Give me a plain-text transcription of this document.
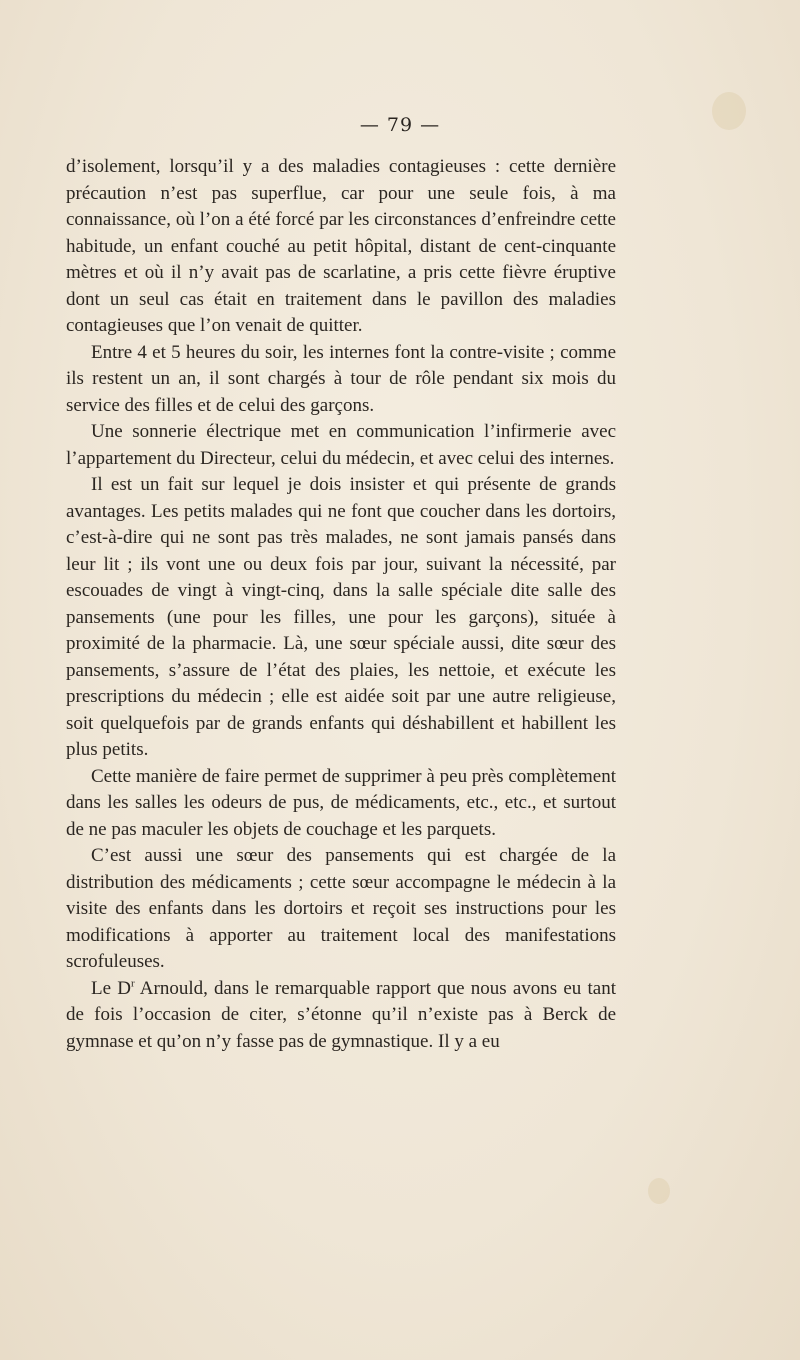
— 79 —

d’isolement, lorsqu’il y a des maladies contagieuses : cette dernière précaution n’est pas superflue, car pour une seule fois, à ma connaissance, où l’on a été forcé par les circonstances d’enfreindre cette habitude, un enfant couché au petit hôpital, distant de cent-cinquante mètres et où il n’y avait pas de scarlatine, a pris cette fièvre éruptive dont un seul cas était en traitement dans le pavillon des maladies contagieuses que l’on venait de quitter.

Entre 4 et 5 heures du soir, les internes font la contre-visite ; comme ils restent un an, il sont chargés à tour de rôle pendant six mois du service des filles et de celui des garçons.

Une sonnerie électrique met en communication l’infirmerie avec l’appartement du Directeur, celui du médecin, et avec celui des internes.

Il est un fait sur lequel je dois insister et qui présente de grands avantages. Les petits malades qui ne font que coucher dans les dortoirs, c’est-à-dire qui ne sont pas très malades, ne sont jamais pansés dans leur lit ; ils vont une ou deux fois par jour, suivant la nécessité, par escouades de vingt à vingt-cinq, dans la salle spéciale dite salle des pansements (une pour les filles, une pour les garçons), située à proximité de la pharmacie. Là, une sœur spéciale aussi, dite sœur des pansements, s’assure de l’état des plaies, les nettoie, et exécute les prescriptions du médecin ; elle est aidée soit par une autre religieuse, soit quelquefois par de grands enfants qui déshabillent et habillent les plus petits.

Cette manière de faire permet de supprimer à peu près complètement dans les salles les odeurs de pus, de médicaments, etc., etc., et surtout de ne pas maculer les objets de couchage et les parquets.

C’est aussi une sœur des pansements qui est chargée de la distribution des médicaments ; cette sœur accompagne le médecin à la visite des enfants dans les dortoirs et reçoit ses instructions pour les modifications à apporter au traitement local des manifestations scrofuleuses.

Le $D^r$ Arnould, dans le remarquable rapport que nous avons eu tant de fois l’occasion de citer, s’étonne qu’il n’existe pas à Berck de gymnase et qu’on n’y fasse pas de gymnastique. Il y a eu
